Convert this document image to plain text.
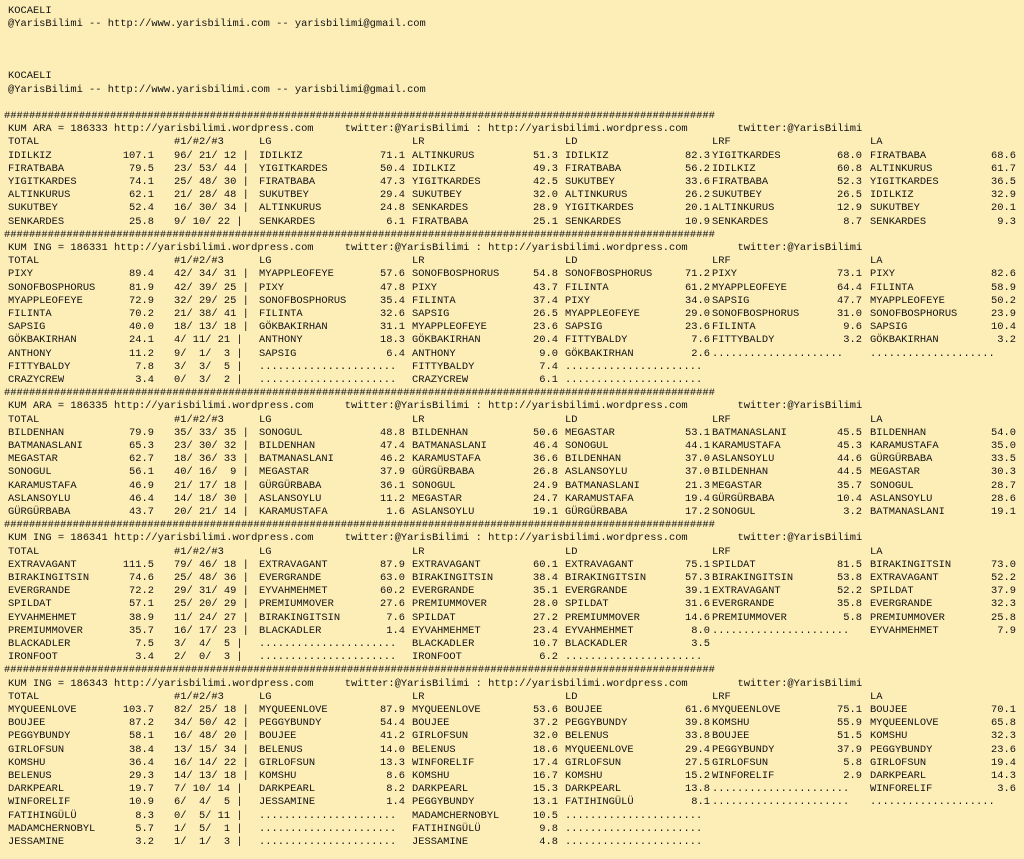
KOCAELI
@YarisBilimi -- http://www.yarisbilimi.com -- yarisbilimi@gmail.com
KOCAELI
@YarisBilimi -- http://www.yarisbilimi.com -- yarisbilimi@gmail.com
##################################################################################################################
KUM ARA = 186333 http://yarisbilimi.wordpress.com     twitter:@YarisBilimi : http://yarisbilimi.wordpress.com        twitter:@YarisBilimi
TOTAL	#1/#2/#3	LG	LR	LD	LRF	LA
IDILKIZ	107.1 96/ 21/ 12 | IDILKIZ	71.1 ALTINKURUS	51.3 IDILKIZ	82.3 YIGITKARDES	68.0 FIRATBABA	68.6
FIRATBABA	79.5 23/ 53/ 44 | YIGITKARDES	50.4 IDILKIZ	49.3 FIRATBABA	56.2 IDILKIZ	60.8 ALTINKURUS	61.7
YIGITKARDES	74.1 25/ 48/ 30 | FIRATBABA	47.3 YIGITKARDES	42.5 SUKUTBEY	33.6 FIRATBABA	52.3 YIGITKARDES	36.5
ALTINKURUS	62.1 21/ 28/ 48 | SUKUTBEY	29.4 SUKUTBEY	32.0 ALTINKURUS	26.2 SUKUTBEY	26.5 IDILKIZ	32.9
SUKUTBEY	52.4 16/ 30/ 34 | ALTINKURUS	24.8 SENKARDES	28.9 YIGITKARDES	20.1 ALTINKURUS	12.9 SUKUTBEY	20.1
SENKARDES	25.8 9/ 10/ 22 | SENKARDES	6.1 FIRATBABA	25.1 SENKARDES	10.9 SENKARDES	8.7 SENKARDES	9.3
##################################################################################################################
KUM ING = 186331 http://yarisbilimi.wordpress.com     twitter:@YarisBilimi : http://yarisbilimi.wordpress.com        twitter:@YarisBilimi
TOTAL	#1/#2/#3	LG	LR	LD	LRF	LA
PIXY	89.4 42/ 34/ 31 | MYAPPLEOFEYE	57.6 SONOFBOSPHORUS	54.8 SONOFBOSPHORUS	71.2 PIXY	73.1 PIXY	82.6
SONOFBOSPHORUS	81.9 42/ 39/ 25 | PIXY	47.8 PIXY	43.7 FILINTA	61.2 MYAPPLEOFEYE	64.4 FILINTA	58.9
MYAPPLEOFEYE	72.9 32/ 29/ 25 | SONOFBOSPHORUS	35.4 FILINTA	37.4 PIXY	34.0 SAPSIG	47.7 MYAPPLEOFEYE	50.2
FILINTA	70.2 21/ 38/ 41 | FILINTA	32.6 SAPSIG	26.5 MYAPPLEOFEYE	29.0 SONOFBOSPHORUS	31.0 SONOFBOSPHORUS	23.9
SAPSIG	40.0 18/ 13/ 18 | GÖKBAKIRHAN	31.1 MYAPPLEOFEYE	23.6 SAPSIG	23.6 FILINTA	9.6 SAPSIG	10.4
GÖKBAKIRHAN	24.1 4/ 11/ 21 | ANTHONY	18.3 GÖKBAKIRHAN	20.4 FITTYBALDY	7.6 FITTYBALDY	3.2 GÖKBAKIRHAN	3.2
ANTHONY	11.2 9/  1/  3 | SAPSIG	6.4 ANTHONY	9.0 GÖKBAKIRHAN	2.6 .....................	....................
FITTYBALDY	7.8 3/  3/  5 | ...................... FITTYBALDY	7.4 ......................
CRAZYCREW	3.4 0/  3/  2 | ...................... CRAZYCREW	6.1 ......................
##################################################################################################################
KUM ARA = 186335 http://yarisbilimi.wordpress.com     twitter:@YarisBilimi : http://yarisbilimi.wordpress.com        twitter:@YarisBilimi
TOTAL	#1/#2/#3	LG	LR	LD	LRF	LA
BILDENHAN	79.9 35/ 33/ 35 | SONOGUL	48.8 BILDENHAN	50.6 MEGASTAR	53.1 BATMANASLANI	45.5 BILDENHAN	54.0
BATMANASLANI	65.3 23/ 30/ 32 | BILDENHAN	47.4 BATMANASLANI	46.4 SONOGUL	44.1 KARAMUSTAFA	45.3 KARAMUSTAFA	35.0
MEGASTAR	62.7 18/ 36/ 33 | BATMANASLANI	46.2 KARAMUSTAFA	36.6 BILDENHAN	37.0 ASLANSOYLU	44.6 GÜRGÜRBABA	33.5
SONOGUL	56.1 40/ 16/  9 | MEGASTAR	37.9 GÜRGÜRBABA	26.8 ASLANSOYLU	37.0 BILDENHAN	44.5 MEGASTAR	30.3
KARAMUSTAFA	46.9 21/ 17/ 18 | GÜRGÜRBABA	36.1 SONOGUL	24.9 BATMANASLANI	21.3 MEGASTAR	35.7 SONOGUL	28.7
ASLANSOYLU	46.4 14/ 18/ 30 | ASLANSOYLU	11.2 MEGASTAR	24.7 KARAMUSTAFA	19.4 GÜRGÜRBABA	10.4 ASLANSOYLU	28.6
GÜRGÜRBABA	43.7 20/ 21/ 14 | KARAMUSTAFA	1.6 ASLANSOYLU	19.1 GÜRGÜRBABA	17.2 SONOGUL	3.2 BATMANASLANI	19.1
##################################################################################################################
KUM ING = 186341 http://yarisbilimi.wordpress.com     twitter:@YarisBilimi : http://yarisbilimi.wordpress.com        twitter:@YarisBilimi
TOTAL	#1/#2/#3	LG	LR	LD	LRF	LA
EXTRAVAGANT	111.5 79/ 46/ 18 | EXTRAVAGANT	87.9 EXTRAVAGANT	60.1 EXTRAVAGANT	75.1 SPILDAT	81.5 BIRAKINGITSIN	73.0
BIRAKINGITSIN	74.6 25/ 48/ 36 | EVERGRANDE	63.0 BIRAKINGITSIN	38.4 BIRAKINGITSIN	57.3 BIRAKINGITSIN	53.8 EXTRAVAGANT	52.2
EVERGRANDE	72.2 29/ 31/ 49 | EYVAHMEHMET	60.2 EVERGRANDE	35.1 EVERGRANDE	39.1 EXTRAVAGANT	52.2 SPILDAT	37.9
SPILDAT	57.1 25/ 20/ 29 | PREMIUMMOVER	27.6 PREMIUMMOVER	28.0 SPILDAT	31.6 EVERGRANDE	35.8 EVERGRANDE	32.3
EYVAHMEHMET	38.9 11/ 24/ 27 | BIRAKINGITSIN	7.6 SPILDAT	27.2 PREMIUMMOVER	14.6 PREMIUMMOVER	5.8 PREMIUMMOVER	25.8
PREMIUMMOVER	35.7 16/ 17/ 23 | BLACKADLER	1.4 EYVAHMEHMET	23.4 EYVAHMEHMET	8.0 ...................... EYVAHMEHMET	7.9
BLACKADLER	7.5 3/  4/  5 | ...................... BLACKADLER	10.7 BLACKADLER	3.5
IRONFOOT	3.4 2/  0/  3 | ...................... IRONFOOT	6.2 ......................
##################################################################################################################
KUM ING = 186343 http://yarisbilimi.wordpress.com     twitter:@YarisBilimi : http://yarisbilimi.wordpress.com        twitter:@YarisBilimi
TOTAL	#1/#2/#3	LG	LR	LD	LRF	LA
MYQUEENLOVE	103.7 82/ 25/ 18 | MYQUEENLOVE	87.9 MYQUEENLOVE	53.6 BOUJEE	61.6 MYQUEENLOVE	75.1 BOUJEE	70.1
BOUJEE	87.2 34/ 50/ 42 | PEGGYBUNDY	54.4 BOUJEE	37.2 PEGGYBUNDY	39.8 KOMSHU	55.9 MYQUEENLOVE	65.8
PEGGYBUNDY	58.1 16/ 48/ 20 | BOUJEE	41.2 GIRLOFSUN	32.0 BELENUS	33.8 BOUJEE	51.5 KOMSHU	32.3
GIRLOFSUN	38.4 13/ 15/ 34 | BELENUS	14.0 BELENUS	18.6 MYQUEENLOVE	29.4 PEGGYBUNDY	37.9 PEGGYBUNDY	23.6
KOMSHU	36.4 16/ 14/ 22 | GIRLOFSUN	13.3 WINFORELIF	17.4 GIRLOFSUN	27.5 GIRLOFSUN	5.8 GIRLOFSUN	19.4
BELENUS	29.3 14/ 13/ 18 | KOMSHU	8.6 KOMSHU	16.7 KOMSHU	15.2 WINFORELIF	2.9 DARKPEARL	14.3
DARKPEARL	19.7 7/ 10/ 14 | DARKPEARL	8.2 DARKPEARL	15.3 DARKPEARL	13.8 ...................... WINFORELIF	3.6
WINFORELIF	10.9 6/  4/  5 | JESSAMINE	1.4 PEGGYBUNDY	13.1 FATIHINGÜLÜ	8.1 ...................... ....................
FATIHINGÜLÜ	8.3 0/  5/ 11 | ...................... MADAMCHERNOBYL	10.5 ......................
MADAMCHERNOBYL	5.7 1/  5/  1 | ...................... FATIHINGÜLÜ	9.8 ......................
JESSAMINE	3.2 1/  1/  3 | ...................... JESSAMINE	4.8 ......................
